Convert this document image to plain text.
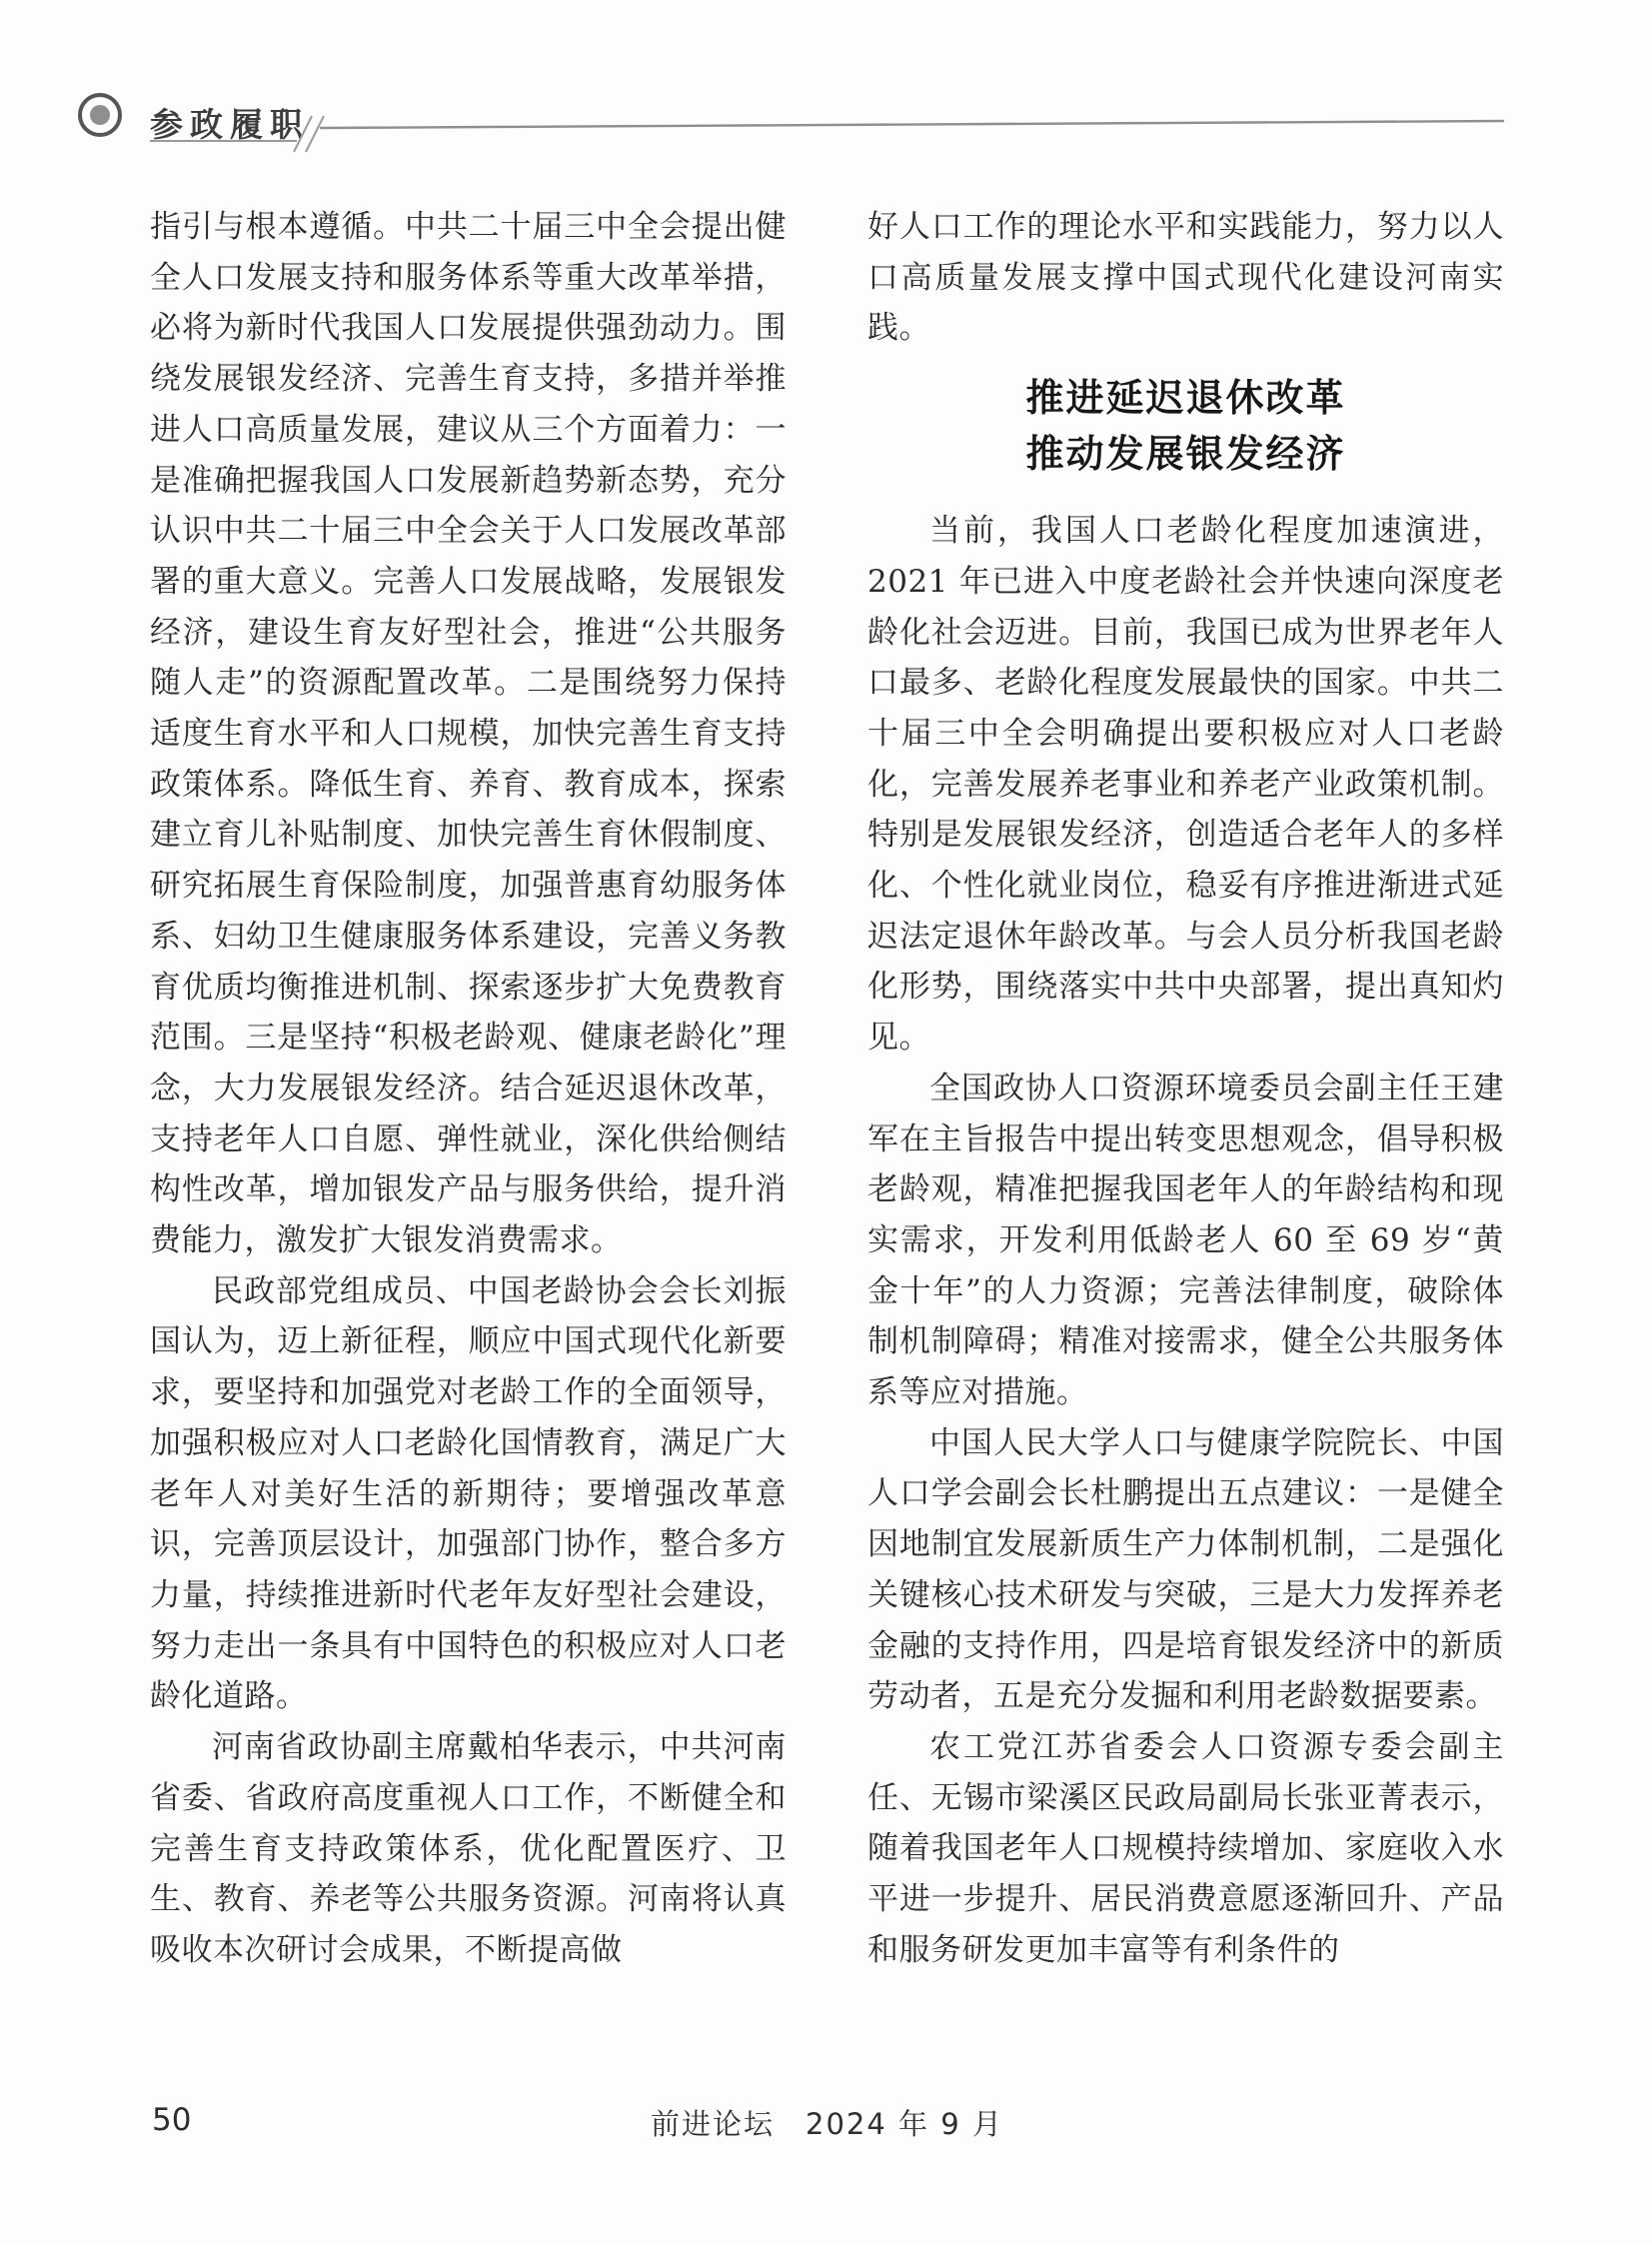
参政履职

指引与根本遵循。中共二十届三中全会提出健全人口发展支持和服务体系等重大改革举措，必将为新时代我国人口发展提供强劲动力。围绕发展银发经济、完善生育支持，多措并举推进人口高质量发展，建议从三个方面着力：一是准确把握我国人口发展新趋势新态势，充分认识中共二十届三中全会关于人口发展改革部署的重大意义。完善人口发展战略，发展银发经济，建设生育友好型社会，推进“公共服务随人走”的资源配置改革。二是围绕努力保持适度生育水平和人口规模，加快完善生育支持政策体系。降低生育、养育、教育成本，探索建立育儿补贴制度、加快完善生育休假制度、研究拓展生育保险制度，加强普惠育幼服务体系、妇幼卫生健康服务体系建设，完善义务教育优质均衡推进机制、探索逐步扩大免费教育范围。三是坚持“积极老龄观、健康老龄化”理念，大力发展银发经济。结合延迟退休改革，支持老年人口自愿、弹性就业，深化供给侧结构性改革，增加银发产品与服务供给，提升消费能力，激发扩大银发消费需求。

民政部党组成员、中国老龄协会会长刘振国认为，迈上新征程，顺应中国式现代化新要求，要坚持和加强党对老龄工作的全面领导，加强积极应对人口老龄化国情教育，满足广大老年人对美好生活的新期待；要增强改革意识，完善顶层设计，加强部门协作，整合多方力量，持续推进新时代老年友好型社会建设，努力走出一条具有中国特色的积极应对人口老龄化道路。

河南省政协副主席戴柏华表示，中共河南省委、省政府高度重视人口工作，不断健全和完善生育支持政策体系，优化配置医疗、卫生、教育、养老等公共服务资源。河南将认真吸收本次研讨会成果，不断提高做

好人口工作的理论水平和实践能力，努力以人口高质量发展支撑中国式现代化建设河南实践。

推进延迟退休改革
推动发展银发经济

当前，我国人口老龄化程度加速演进，2021 年已进入中度老龄社会并快速向深度老龄化社会迈进。目前，我国已成为世界老年人口最多、老龄化程度发展最快的国家。中共二十届三中全会明确提出要积极应对人口老龄化，完善发展养老事业和养老产业政策机制。特别是发展银发经济，创造适合老年人的多样化、个性化就业岗位，稳妥有序推进渐进式延迟法定退休年龄改革。与会人员分析我国老龄化形势，围绕落实中共中央部署，提出真知灼见。

全国政协人口资源环境委员会副主任王建军在主旨报告中提出转变思想观念，倡导积极老龄观，精准把握我国老年人的年龄结构和现实需求，开发利用低龄老人 60 至 69 岁“黄金十年”的人力资源；完善法律制度，破除体制机制障碍；精准对接需求，健全公共服务体系等应对措施。

中国人民大学人口与健康学院院长、中国人口学会副会长杜鹏提出五点建议：一是健全因地制宜发展新质生产力体制机制，二是强化关键核心技术研发与突破，三是大力发挥养老金融的支持作用，四是培育银发经济中的新质劳动者，五是充分发掘和利用老龄数据要素。

农工党江苏省委会人口资源专委会副主任、无锡市梁溪区民政局副局长张亚菁表示，随着我国老年人口规模持续增加、家庭收入水平进一步提升、居民消费意愿逐渐回升、产品和服务研发更加丰富等有利条件的

50	前进论坛　2024 年 9 月
